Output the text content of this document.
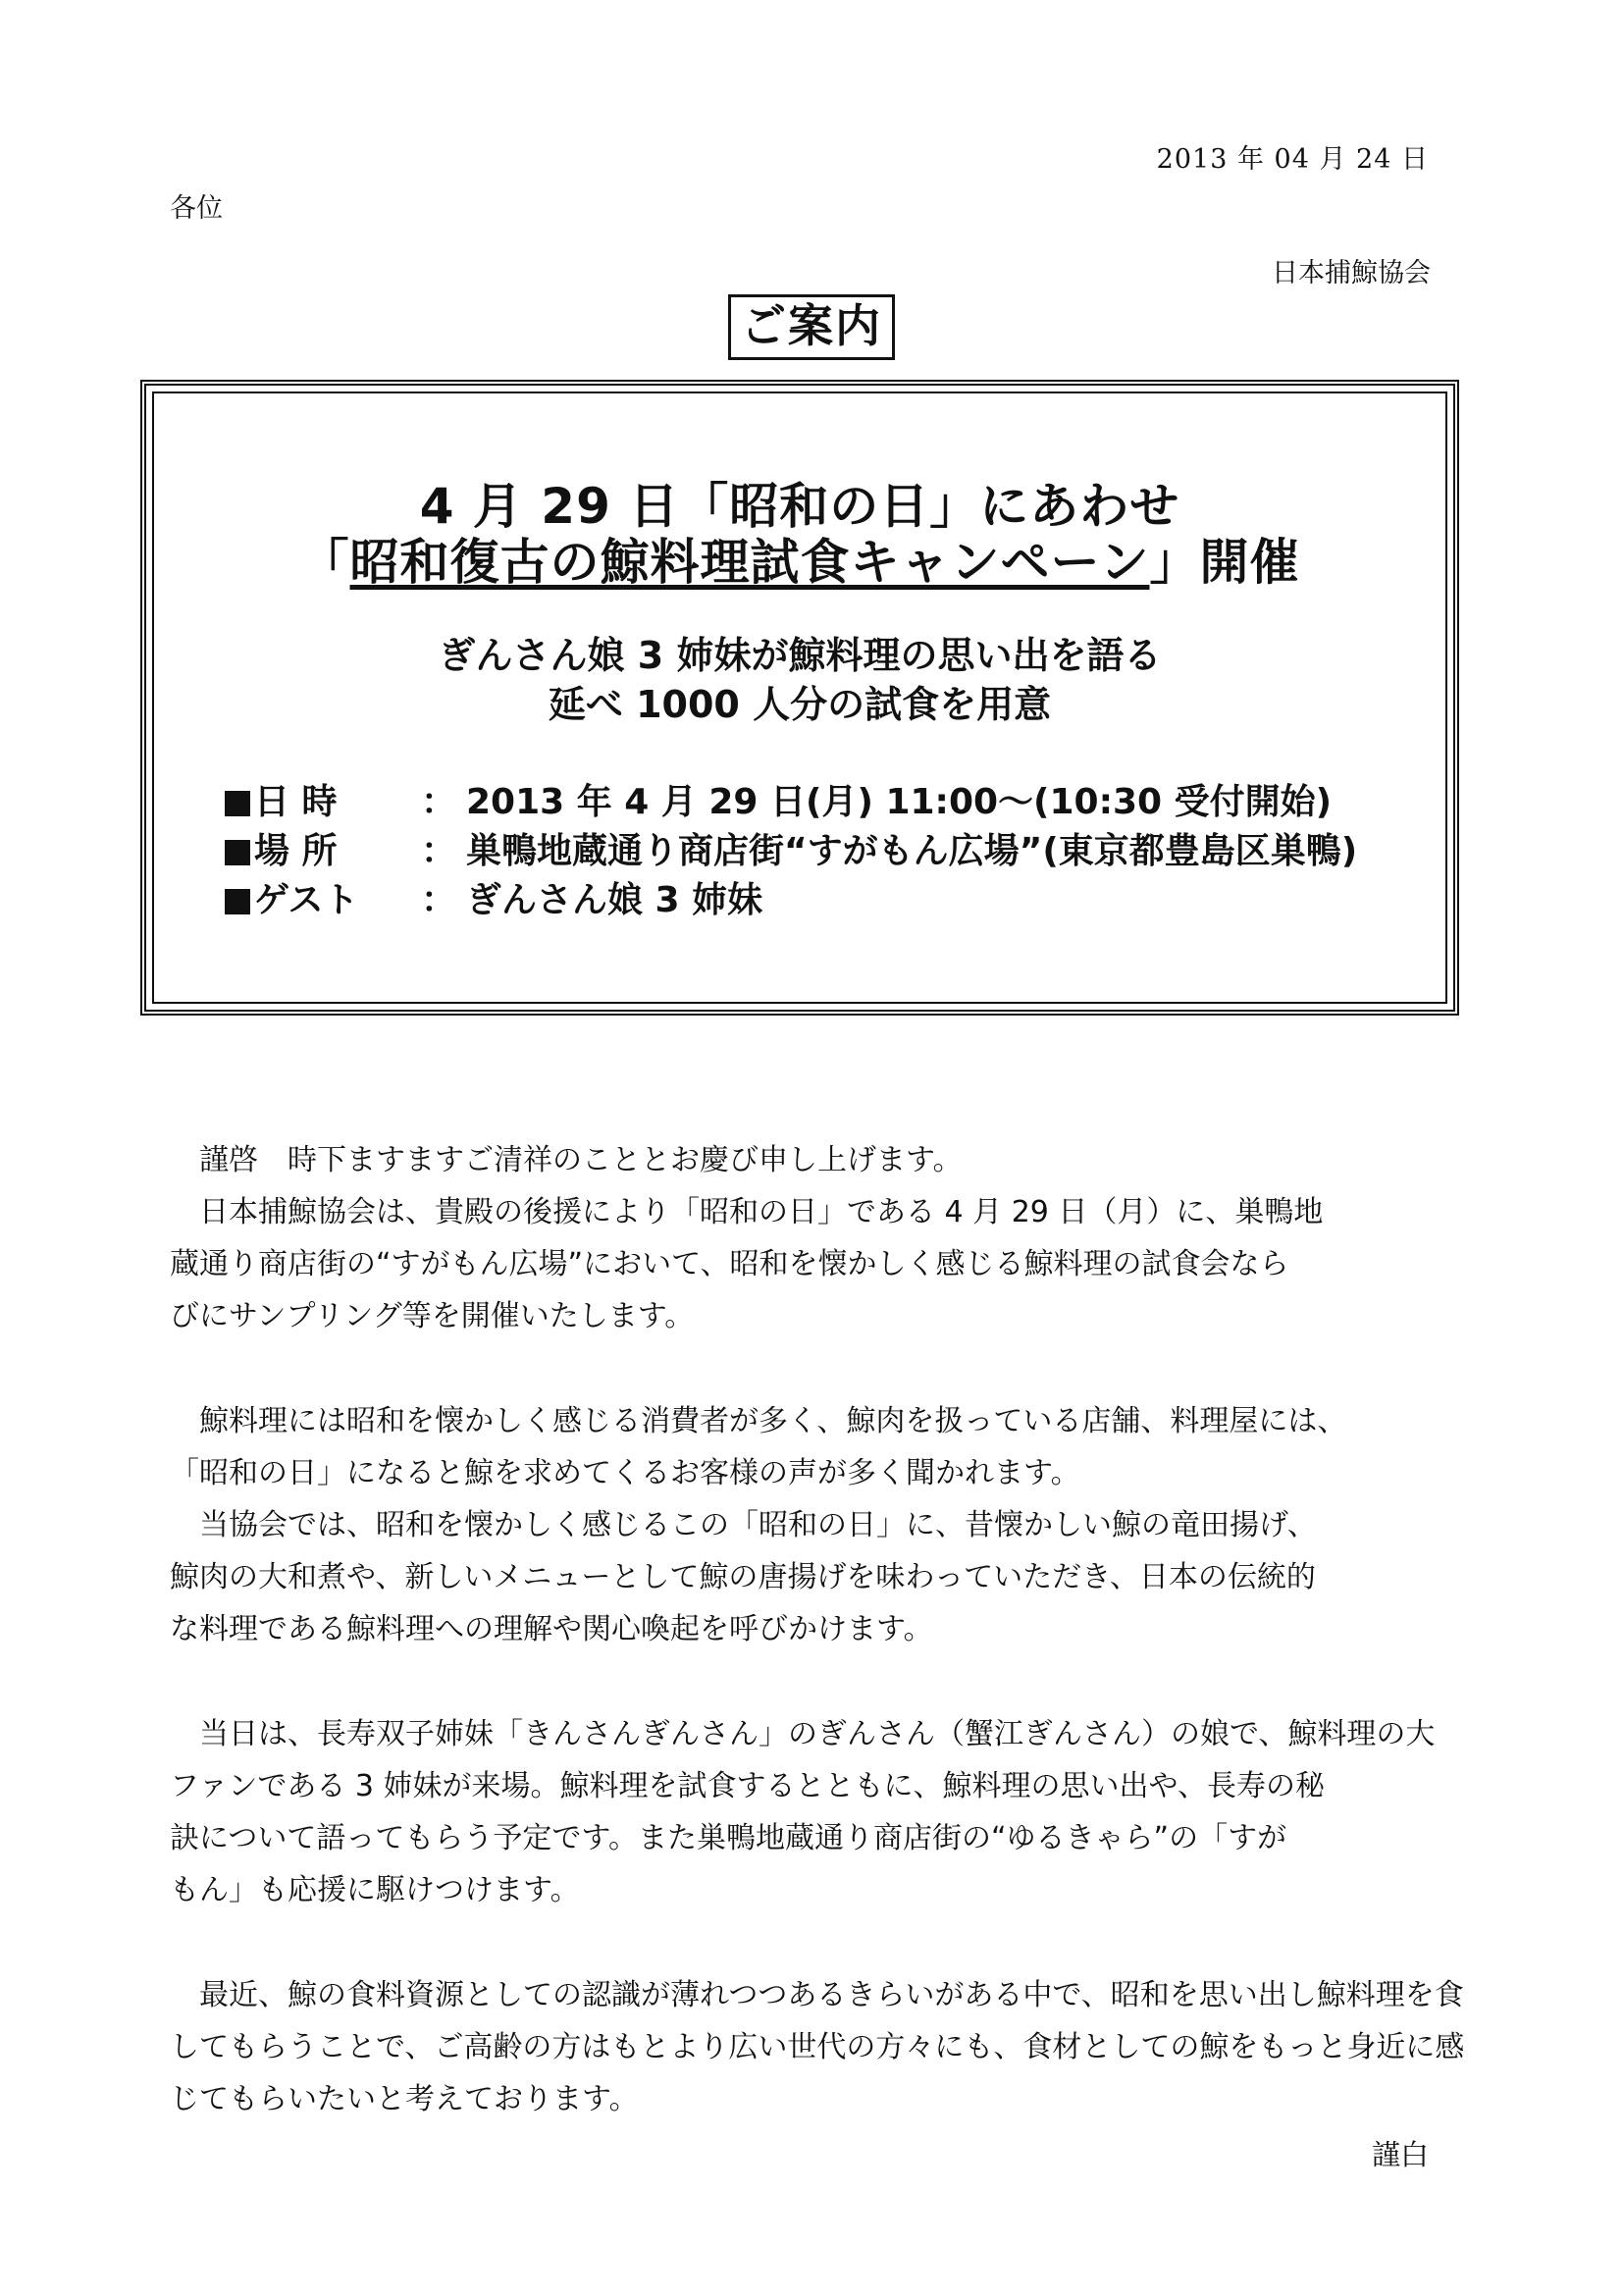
2013 年 04 月 24 日
各位
日本捕鯨協会
ご案内
4 月 29 日「昭和の日」にあわせ
「昭和復古の鯨料理試食キャンペーン」開催
ぎんさん娘 3 姉妹が鯨料理の思い出を語る
延べ 1000 人分の試食を用意
日 時 ： 2013 年 4 月 29 日(月) 11:00〜(10:30 受付開始)
場 所 ： 巣鴨地蔵通り商店街“すがもん広場”(東京都豊島区巣鴨)
ゲスト ： ぎんさん娘 3 姉妹
　謹啓　時下ますますご清祥のこととお慶び申し上げます。
　日本捕鯨協会は、貴殿の後援により「昭和の日」である 4 月 29 日（月）に、巣鴨地
蔵通り商店街の“すがもん広場”において、昭和を懐かしく感じる鯨料理の試食会なら
びにサンプリング等を開催いたします。
　鯨料理には昭和を懐かしく感じる消費者が多く、鯨肉を扱っている店舗、料理屋には、
「昭和の日」になると鯨を求めてくるお客様の声が多く聞かれます。
　当協会では、昭和を懐かしく感じるこの「昭和の日」に、昔懐かしい鯨の竜田揚げ、
鯨肉の大和煮や、新しいメニューとして鯨の唐揚げを味わっていただき、日本の伝統的
な料理である鯨料理への理解や関心喚起を呼びかけます。
　当日は、長寿双子姉妹「きんさんぎんさん」のぎんさん（蟹江ぎんさん）の娘で、鯨料理の大
ファンである 3 姉妹が来場。鯨料理を試食するとともに、鯨料理の思い出や、長寿の秘
訣について語ってもらう予定です。また巣鴨地蔵通り商店街の“ゆるきゃら”の「すが
もん」も応援に駆けつけます。
　最近、鯨の食料資源としての認識が薄れつつあるきらいがある中で、昭和を思い出し鯨料理を食
してもらうことで、ご高齢の方はもとより広い世代の方々にも、食材としての鯨をもっと身近に感
じてもらいたいと考えております。
謹白
